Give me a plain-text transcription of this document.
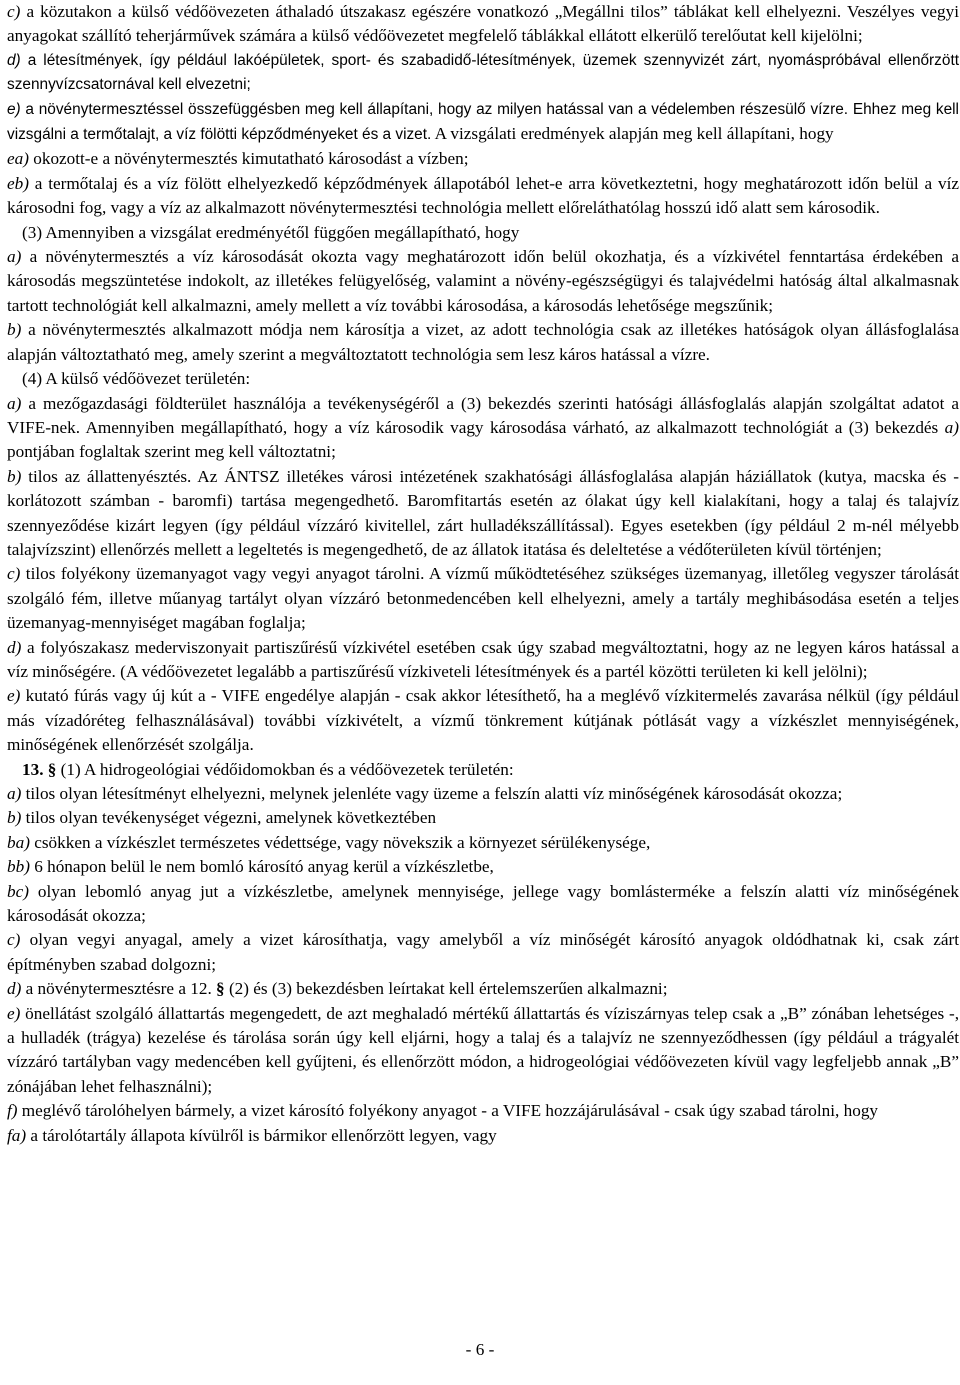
c) a közutakon a külső védőövezeten áthaladó útszakasz egészére vonatkozó „Megállni tilos” táblákat kell elhelyezni. Veszélyes vegyi anyagokat szállító teherjárművek számára a külső védőövezetet megfelelő táblákkal ellátott elkerülő terelőutat kell kijelölni;

d) a létesítmények, így például lakóépületek, sport- és szabadidő-létesítmények, üzemek szennyvizét zárt, nyomáspróbával ellenőrzött szennyvízcsatornával kell elvezetni;

e) a növénytermesztéssel összefüggésben meg kell állapítani, hogy az milyen hatással van a védelemben részesülő vízre. Ehhez meg kell vizsgálni a termőtalajt, a víz fölötti képződményeket és a vizet. A vizsgálati eredmények alapján meg kell állapítani, hogy

ea) okozott-e a növénytermesztés kimutatható károsodást a vízben;

eb) a termőtalaj és a víz fölött elhelyezkedő képződmények állapotából lehet-e arra következtetni, hogy meghatározott időn belül a víz károsodni fog, vagy a víz az alkalmazott növénytermesztési technológia mellett előreláthatólag hosszú idő alatt sem károsodik.

(3) Amennyiben a vizsgálat eredményétől függően megállapítható, hogy

a) a növénytermesztés a víz károsodását okozta vagy meghatározott időn belül okozhatja, és a vízkivétel fenntartása érdekében a károsodás megszüntetése indokolt, az illetékes felügyelőség, valamint a növény-egészségügyi és talajvédelmi hatóság által alkalmasnak tartott technológiát kell alkalmazni, amely mellett a víz további károsodása, a károsodás lehetősége megszűnik;

b) a növénytermesztés alkalmazott módja nem károsítja a vizet, az adott technológia csak az illetékes hatóságok olyan állásfoglalása alapján változtatható meg, amely szerint a megváltoztatott technológia sem lesz káros hatással a vízre.

(4) A külső védőövezet területén:

a) a mezőgazdasági földterület használója a tevékenységéről a (3) bekezdés szerinti hatósági állásfoglalás alapján szolgáltat adatot a VIFE-nek. Amennyiben megállapítható, hogy a víz károsodik vagy károsodása várható, az alkalmazott technológiát a (3) bekezdés a) pontjában foglaltak szerint meg kell változtatni;

b) tilos az állattenyésztés. Az ÁNTSZ illetékes városi intézetének szakhatósági állásfoglalása alapján háziállatok (kutya, macska és - korlátozott számban - baromfi) tartása megengedhető. Baromfitartás esetén az ólakat úgy kell kialakítani, hogy a talaj és talajvíz szennyeződése kizárt legyen (így például vízzáró kivitellel, zárt hulladékszállítással). Egyes esetekben (így például 2 m-nél mélyebb talajvízszint) ellenőrzés mellett a legeltetés is megengedhető, de az állatok itatása és deleltetése a védőterületen kívül történjen;

c) tilos folyékony üzemanyagot vagy vegyi anyagot tárolni. A vízmű működtetéséhez szükséges üzemanyag, illetőleg vegyszer tárolását szolgáló fém, illetve műanyag tartályt olyan vízzáró betonmedencében kell elhelyezni, amely a tartály meghibásodása esetén a teljes üzemanyag-mennyiséget magában foglalja;

d) a folyószakasz mederviszonyait partiszűrésű vízkivétel esetében csak úgy szabad megváltoztatni, hogy az ne legyen káros hatással a víz minőségére. (A védőövezetet legalább a partiszűrésű vízkiveteli létesítmények és a partél közötti területen ki kell jelölni);

e) kutató fúrás vagy új kút a - VIFE engedélye alapján - csak akkor létesíthető, ha a meglévő vízkitermelés zavarása nélkül (így például más vízadóréteg felhasználásával) további vízkivételt, a vízmű tönkrement kútjának pótlását vagy a vízkészlet mennyiségének, minőségének ellenőrzését szolgálja.

13. § (1) A hidrogeológiai védőidomokban és a védőövezetek területén:

a) tilos olyan létesítményt elhelyezni, melynek jelenléte vagy üzeme a felszín alatti víz minőségének károsodását okozza;

b) tilos olyan tevékenységet végezni, amelynek következtében

ba) csökken a vízkészlet természetes védettsége, vagy növekszik a környezet sérülékenysége,

bb) 6 hónapon belül le nem bomló károsító anyag kerül a vízkészletbe,

bc) olyan lebomló anyag jut a vízkészletbe, amelynek mennyisége, jellege vagy bomlásterméke a felszín alatti víz minőségének károsodását okozza;

c) olyan vegyi anyagal, amely a vizet károsíthatja, vagy amelyből a víz minőségét károsító anyagok oldódhatnak ki, csak zárt építményben szabad dolgozni;

d) a növénytermesztésre a 12. § (2) és (3) bekezdésben leírtakat kell értelemszerűen alkalmazni;

e) önellátást szolgáló állattartás megengedett, de azt meghaladó mértékű állattartás és víziszárnyas telep csak a „B” zónában lehetséges -, a hulladék (trágya) kezelése és tárolása során úgy kell eljárni, hogy a talaj és a talajvíz ne szennyeződhessen (így például a trágyalét vízzáró tartályban vagy medencében kell gyűjteni, és ellenőrzött módon, a hidrogeológiai védőövezeten kívül vagy legfeljebb annak „B” zónájában lehet felhasználni);

f) meglévő tárolóhelyen bármely, a vizet károsító folyékony anyagot - a VIFE hozzájárulásával - csak úgy szabad tárolni, hogy

fa) a tárolótartály állapota kívülről is bármikor ellenőrzött legyen, vagy

- 6 -
